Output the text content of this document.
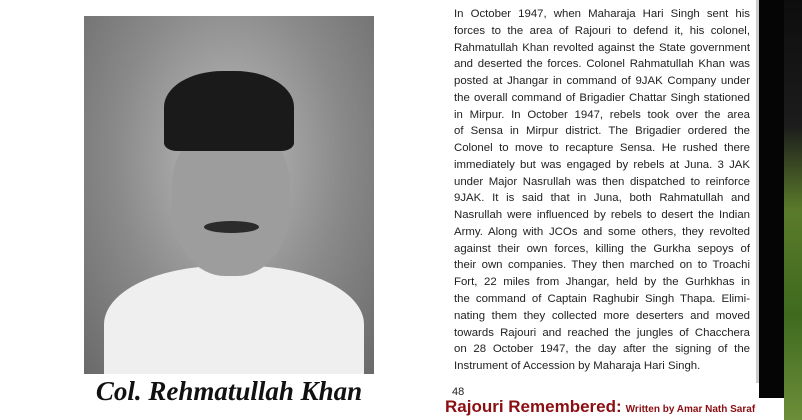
Col. Rehmatullah Khan
In October 1947, when Maharaja Hari Singh sent his
forces to the area of Rajouri to defend it, his colonel,
Rahmatullah Khan revolted against the State government
and deserted the forces. Colonel Rahmatullah Khan was
posted at Jhangar in command of 9JAK Company under
the overall command of Brigadier Chattar Singh stationed
in Mirpur. In October 1947, rebels took over the area
of Sensa in Mirpur district. The Brigadier ordered the
Colonel to move to recapture Sensa. He rushed there
immediately but was engaged by rebels at Juna. 3 JAK
under Major Nasrullah was then dispatched to reinforce
9JAK. It is said that in Juna, both Rahmatullah and
Nasrullah were influenced by rebels to desert the Indian
Army. Along with JCOs and some others, they revolted
against their own forces, killing the Gurkha sepoys of
their own companies. They then marched on to Troachi
Fort, 22 miles from Jhangar, held by the Gurhkhas in
the command of Captain Raghubir Singh Thapa. Elimi-
nating them they collected more deserters and moved
towards Rajouri and reached the jungles of Chacchera
on 28 October 1947, the day after the signing of the
Instrument of Accession by Maharaja Hari Singh.
48
Rajouri Remembered: Written by Amar Nath Saraf
